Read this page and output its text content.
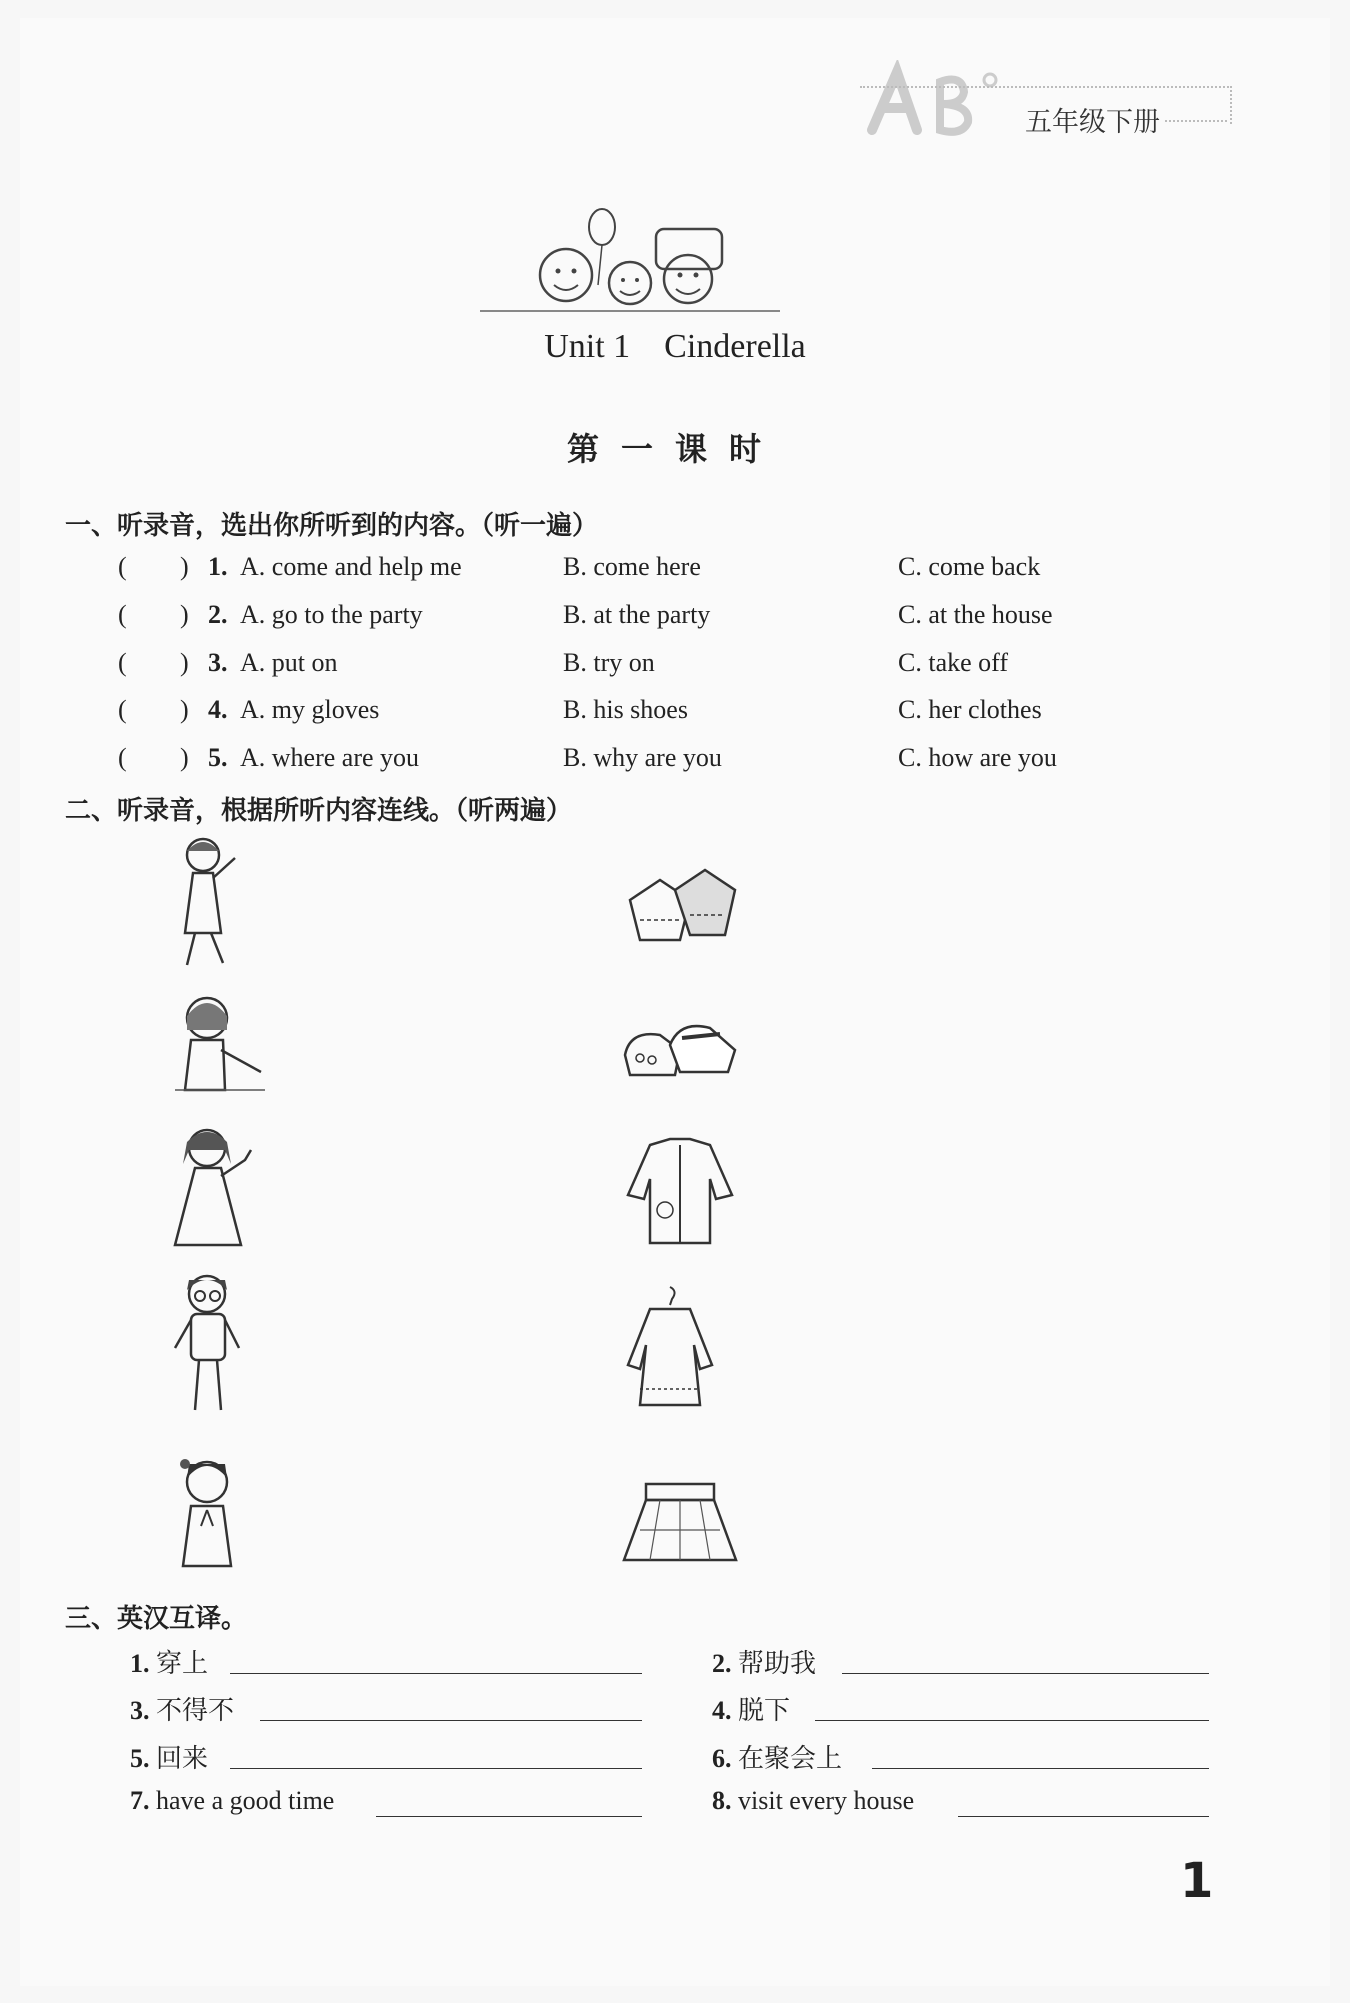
五年级下册
Unit 1    Cinderella
第一课时
一、听录音，选出你所听到的内容。（听一遍）
( ) 1. A. come and help me	B. come here	C. come back
( ) 2. A. go to the party	B. at the party	C. at the house
( ) 3. A. put on	B. try on	C. take off
( ) 4. A. my gloves	B. his shoes	C. her clothes
( ) 5. A. where are you	B. why are you	C. how are you
二、听录音，根据所听内容连线。（听两遍）
三、英汉互译。
1. 穿上	2. 帮助我
3. 不得不	4. 脱下
5. 回来	6. 在聚会上
7. have a good time	8. visit every house
1
